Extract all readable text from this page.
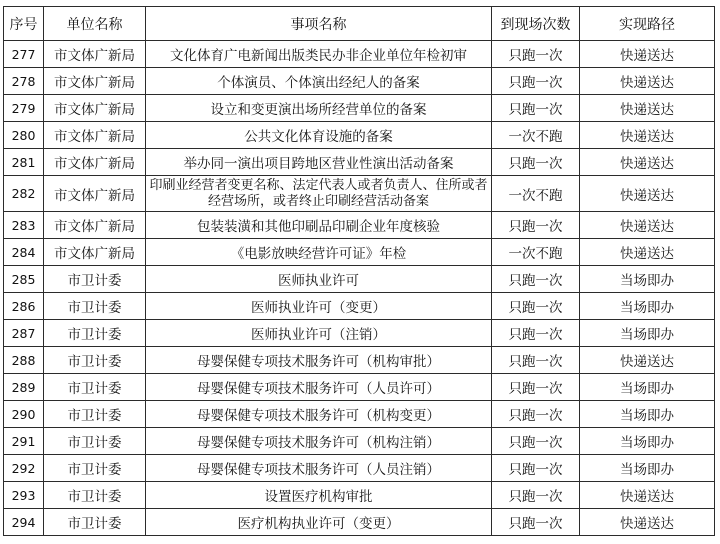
序号	单位名称	事项名称	到现场次数	实现路径
277	市文体广新局	文化体育广电新闻出版类民办非企业单位年检初审	只跑一次	快递送达
278	市文体广新局	个体演员、个体演出经纪人的备案	只跑一次	快递送达
279	市文体广新局	设立和变更演出场所经营单位的备案	只跑一次	快递送达
280	市文体广新局	公共文化体育设施的备案	一次不跑	快递送达
281	市文体广新局	举办同一演出项目跨地区营业性演出活动备案	只跑一次	快递送达
282	市文体广新局	印刷业经营者变更名称、法定代表人或者负责人、住所或者经营场所，或者终止印刷经营活动备案	一次不跑	快递送达
283	市文体广新局	包装装潢和其他印刷品印刷企业年度核验	只跑一次	快递送达
284	市文体广新局	《电影放映经营许可证》年检	一次不跑	快递送达
285	市卫计委	医师执业许可	只跑一次	当场即办
286	市卫计委	医师执业许可（变更）	只跑一次	当场即办
287	市卫计委	医师执业许可（注销）	只跑一次	当场即办
288	市卫计委	母婴保健专项技术服务许可（机构审批）	只跑一次	快递送达
289	市卫计委	母婴保健专项技术服务许可（人员许可）	只跑一次	当场即办
290	市卫计委	母婴保健专项技术服务许可（机构变更）	只跑一次	当场即办
291	市卫计委	母婴保健专项技术服务许可（机构注销）	只跑一次	当场即办
292	市卫计委	母婴保健专项技术服务许可（人员注销）	只跑一次	当场即办
293	市卫计委	设置医疗机构审批	只跑一次	快递送达
294	市卫计委	医疗机构执业许可（变更）	只跑一次	快递送达
